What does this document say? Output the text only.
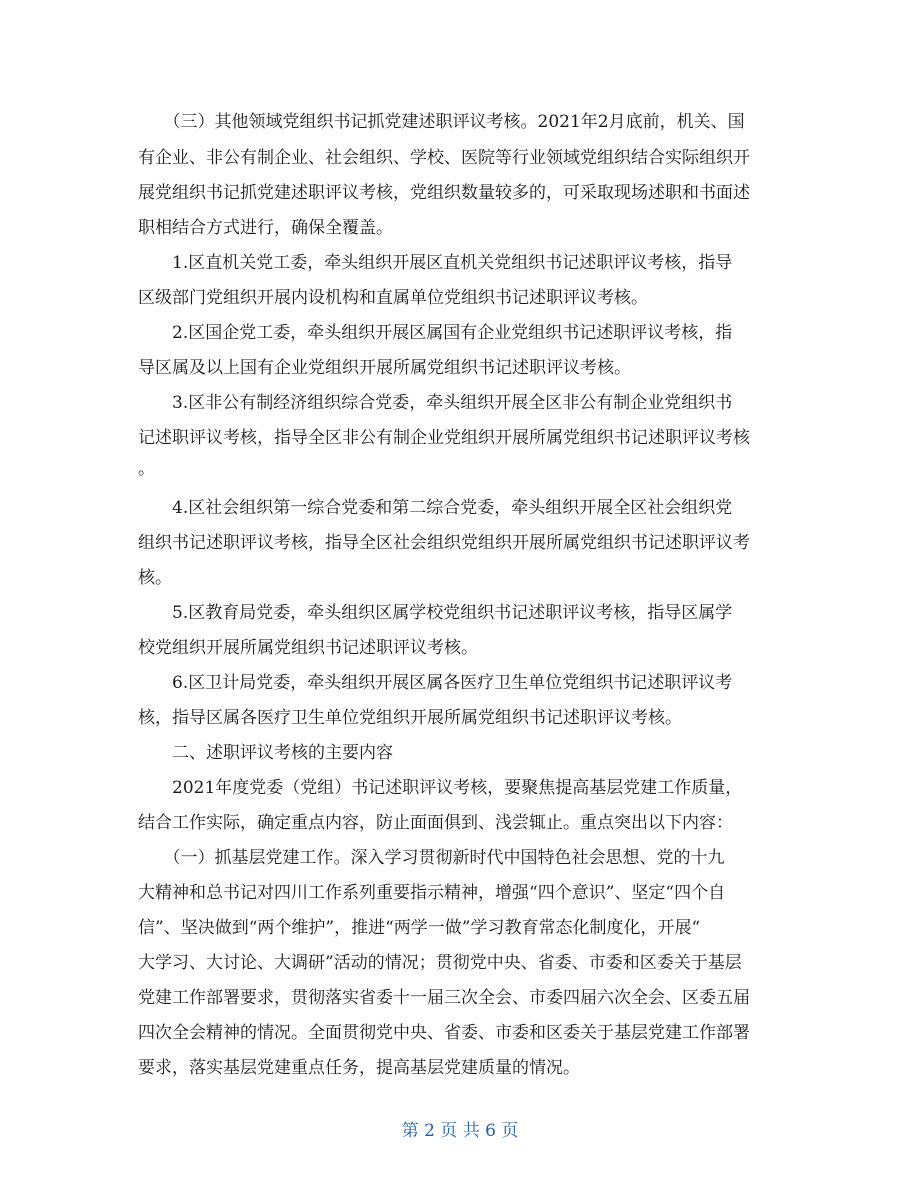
　　（三）其他领域党组织书记抓党建述职评议考核。2021年2月底前，机关、国
有企业、非公有制企业、社会组织、学校、医院等行业领域党组织结合实际组织开
展党组织书记抓党建述职评议考核，党组织数量较多的，可采取现场述职和书面述
职相结合方式进行，确保全覆盖。
　　1.区直机关党工委，牵头组织开展区直机关党组织书记述职评议考核，指导
区级部门党组织开展内设机构和直属单位党组织书记述职评议考核。
　　2.区国企党工委，牵头组织开展区属国有企业党组织书记述职评议考核，指
导区属及以上国有企业党组织开展所属党组织书记述职评议考核。
　　3.区非公有制经济组织综合党委，牵头组织开展全区非公有制企业党组织书
记述职评议考核，指导全区非公有制企业党组织开展所属党组织书记述职评议考核
。
　　4.区社会组织第一综合党委和第二综合党委，牵头组织开展全区社会组织党
组织书记述职评议考核，指导全区社会组织党组织开展所属党组织书记述职评议考
核。
　　5.区教育局党委，牵头组织区属学校党组织书记述职评议考核，指导区属学
校党组织开展所属党组织书记述职评议考核。
　　6.区卫计局党委，牵头组织开展区属各医疗卫生单位党组织书记述职评议考
核，指导区属各医疗卫生单位党组织开展所属党组织书记述职评议考核。
　　二、述职评议考核的主要内容
　　2021年度党委（党组）书记述职评议考核，要聚焦提高基层党建工作质量，
结合工作实际，确定重点内容，防止面面俱到、浅尝辄止。重点突出以下内容：
　　（一）抓基层党建工作。深入学习贯彻新时代中国特色社会思想、党的十九
大精神和总书记对四川工作系列重要指示精神，增强“四个意识”、坚定“四个自
信”、坚决做到“两个维护”，推进“两学一做”学习教育常态化制度化，开展“
大学习、大讨论、大调研”活动的情况；贯彻党中央、省委、市委和区委关于基层
党建工作部署要求，贯彻落实省委十一届三次全会、市委四届六次全会、区委五届
四次全会精神的情况。全面贯彻党中央、省委、市委和区委关于基层党建工作部署
要求，落实基层党建重点任务，提高基层党建质量的情况。
第 2 页 共 6 页
